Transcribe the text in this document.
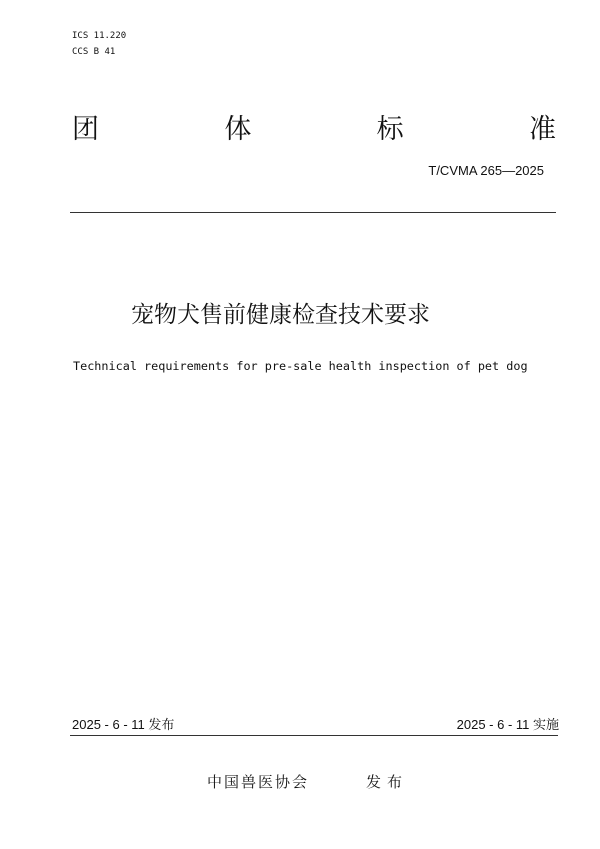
ICS 11.220
CCS B 41
团	体	标	准
T/CVMA 265—2025
宠物犬售前健康检查技术要求
Technical requirements for pre-sale health inspection of pet dog
2025 - 6 - 11 发布	2025 - 6 - 11 实施
中国兽医协会	发布
